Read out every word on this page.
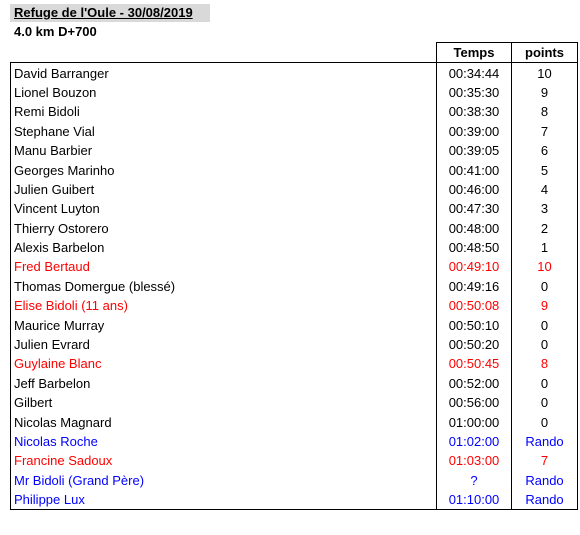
Refuge de l'Oule - 30/08/2019
4.0 km D+700
	Temps	points
David Barranger	00:34:44	10
Lionel Bouzon	00:35:30	9
Remi Bidoli	00:38:30	8
Stephane Vial	00:39:00	7
Manu Barbier	00:39:05	6
Georges Marinho	00:41:00	5
Julien Guibert	00:46:00	4
Vincent Luyton	00:47:30	3
Thierry Ostorero	00:48:00	2
Alexis Barbelon	00:48:50	1
Fred Bertaud	00:49:10	10
Thomas Domergue (blessé)	00:49:16	0
Elise Bidoli (11 ans)	00:50:08	9
Maurice Murray	00:50:10	0
Julien Evrard	00:50:20	0
Guylaine Blanc	00:50:45	8
Jeff Barbelon	00:52:00	0
Gilbert	00:56:00	0
Nicolas Magnard	01:00:00	0
Nicolas Roche	01:02:00	Rando
Francine Sadoux	01:03:00	7
Mr Bidoli (Grand Père)	?	Rando
Philippe Lux	01:10:00	Rando
